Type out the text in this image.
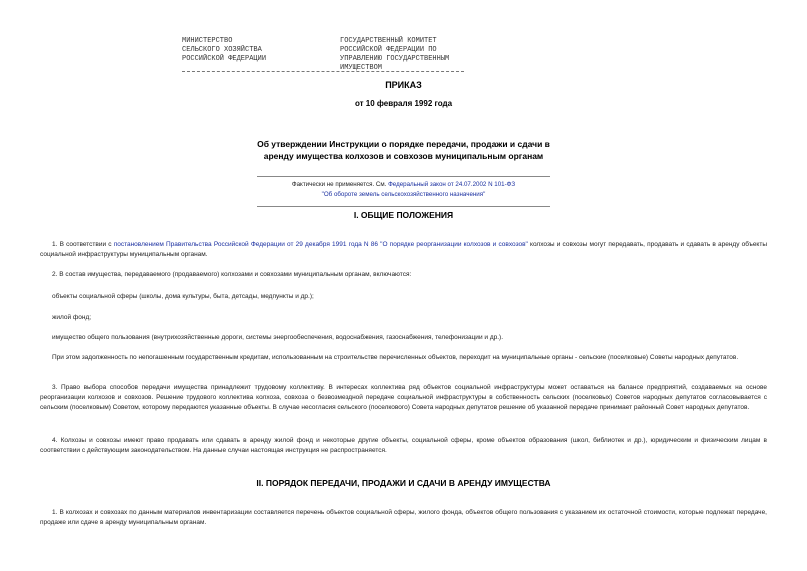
МИНИСТЕРСТВО
СЕЛЬСКОГО ХОЗЯЙСТВА
РОССИЙСКОЙ ФЕДЕРАЦИИ
ГОСУДАРСТВЕННЫЙ КОМИТЕТ
РОССИЙСКОЙ ФЕДЕРАЦИИ ПО
УПРАВЛЕНИЮ ГОСУДАРСТВЕННЫМ
ИМУЩЕСТВОМ
ПРИКАЗ
от 10 февраля 1992 года
Об утверждении Инструкции о порядке передачи, продажи и сдачи в
аренду имущества колхозов и совхозов муниципальным органам
Фактически не применяется. См. Федеральный закон от 24.07.2002 N 101-ФЗ
"Об обороте земель сельскохозяйственного назначения"
I. ОБЩИЕ ПОЛОЖЕНИЯ
1. В соответствии с постановлением Правительства Российской Федерации от 29 декабря 1991 года N 86 "О порядке реорганизации колхозов и совхозов" колхозы и совхозы могут передавать, продавать и сдавать в аренду объекты социальной инфраструктуры муниципальным органам.
2. В состав имущества, передаваемого (продаваемого) колхозами и совхозами муниципальным органам, включаются:
объекты социальной сферы (школы, дома культуры, быта, детсады, медпункты и др.);
жилой фонд;
имущество общего пользования (внутрихозяйственные дороги, системы энергообеспечения, водоснабжения, газоснабжения, телефонизации и др.).
При этом задолженность по непогашенным государственным кредитам, использованным на строительстве перечисленных объектов, переходит на муниципальные органы - сельские (поселковые) Советы народных депутатов.
3. Право выбора способов передачи имущества принадлежит трудовому коллективу. В интересах коллектива ряд объектов социальной инфраструктуры может оставаться на балансе предприятий, создаваемых на основе реорганизации колхозов и совхозов. Решение трудового коллектива колхоза, совхоза о безвозмездной передаче социальной инфраструктуры в собственность сельских (поселковых) Советов народных депутатов согласовывается с сельским (поселковым) Советом, которому передаются указанные объекты. В случае несогласия сельского (поселкового) Совета народных депутатов решение об указанной передаче принимает районный Совет народных депутатов.
4. Колхозы и совхозы имеют право продавать или сдавать в аренду жилой фонд и некоторые другие объекты, социальной сферы, кроме объектов образования (школ, библиотек и др.), юридическим и физическим лицам в соответствии с действующим законодательством. На данные случаи настоящая инструкция не распространяется.
II. ПОРЯДОК ПЕРЕДАЧИ, ПРОДАЖИ И СДАЧИ В АРЕНДУ ИМУЩЕСТВА
1. В колхозах и совхозах по данным материалов инвентаризации составляется перечень объектов социальной сферы, жилого фонда, объектов общего пользования с указанием их остаточной стоимости, которые подлежат передаче, продаже или сдаче в аренду муниципальным органам.
